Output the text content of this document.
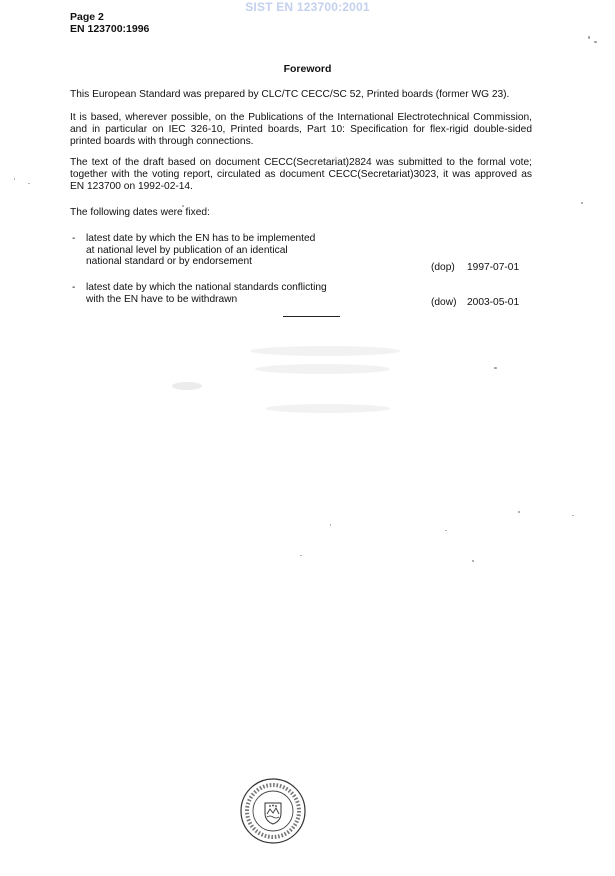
SIST EN 123700:2001
Page 2
EN 123700:1996
Foreword
This European Standard was prepared by CLC/TC CECC/SC 52, Printed boards (former WG 23).
It is based, wherever possible, on the Publications of the International Electrotechnical Commission, and in particular on IEC 326-10, Printed boards, Part 10: Specification for flex-rigid double-sided printed boards with through connections.
The text of the draft based on document CECC(Secretariat)2824 was submitted to the formal vote; together with the voting report, circulated as document CECC(Secretariat)3023, it was approved as EN 123700 on 1992-02-14.
The following dates were fixed:
- latest date by which the EN has to be implemented
at national level by publication of an identical
national standard or by endorsement
(dop) 1997-07-01
- latest date by which the national standards conflicting
with the EN have to be withdrawn	(dow) 2003-05-01
